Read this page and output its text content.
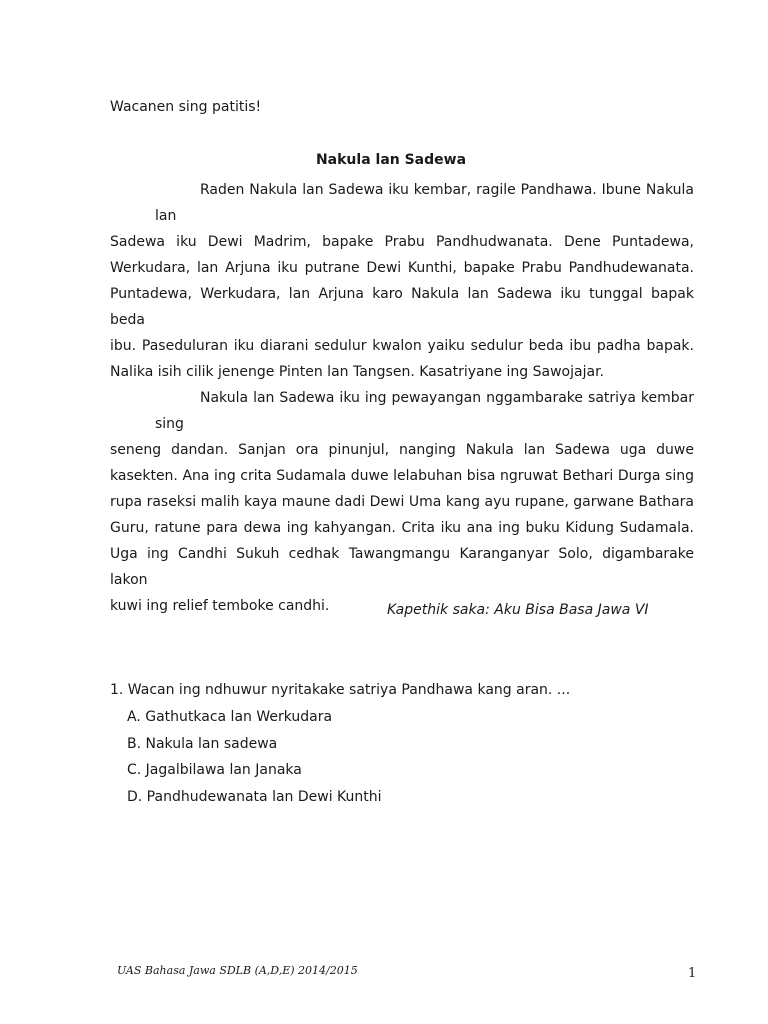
Wacanen sing patitis!
Nakula lan Sadewa

Raden Nakula lan Sadewa iku kembar, ragile Pandhawa. Ibune Nakula lan
Sadewa iku Dewi Madrim, bapake Prabu Pandhudwanata. Dene Puntadewa,
Werkudara, lan Arjuna iku putrane Dewi Kunthi, bapake Prabu Pandhudewanata.
Puntadewa, Werkudara, lan Arjuna karo Nakula lan Sadewa iku tunggal bapak beda
ibu. Paseduluran iku diarani sedulur kwalon yaiku sedulur beda ibu padha bapak.
Nalika isih cilik jenenge Pinten lan Tangsen. Kasatriyane ing Sawojajar.

Nakula lan Sadewa iku ing pewayangan nggambarake satriya kembar sing
seneng dandan. Sanjan ora pinunjul, nanging Nakula lan Sadewa uga duwe
kasekten. Ana ing crita Sudamala duwe lelabuhan bisa ngruwat Bethari Durga sing
rupa raseksi malih kaya maune dadi Dewi Uma kang ayu rupane, garwane Bathara
Guru, ratune para dewa ing kahyangan. Crita iku ana ing buku Kidung Sudamala.
Uga ing Candhi Sukuh cedhak Tawangmangu Karanganyar Solo, digambarake lakon
kuwi ing relief temboke candhi.	Kapethik saka: Aku Bisa Basa Jawa VI
1. Wacan ing ndhuwur nyritakake satriya Pandhawa kang aran. ...
A. Gathutkaca lan Werkudara
B. Nakula lan sadewa
C. Jagalbilawa lan Janaka
D. Pandhudewanata lan Dewi Kunthi
UAS Bahasa Jawa SDLB (A,D,E) 2014/2015	1
